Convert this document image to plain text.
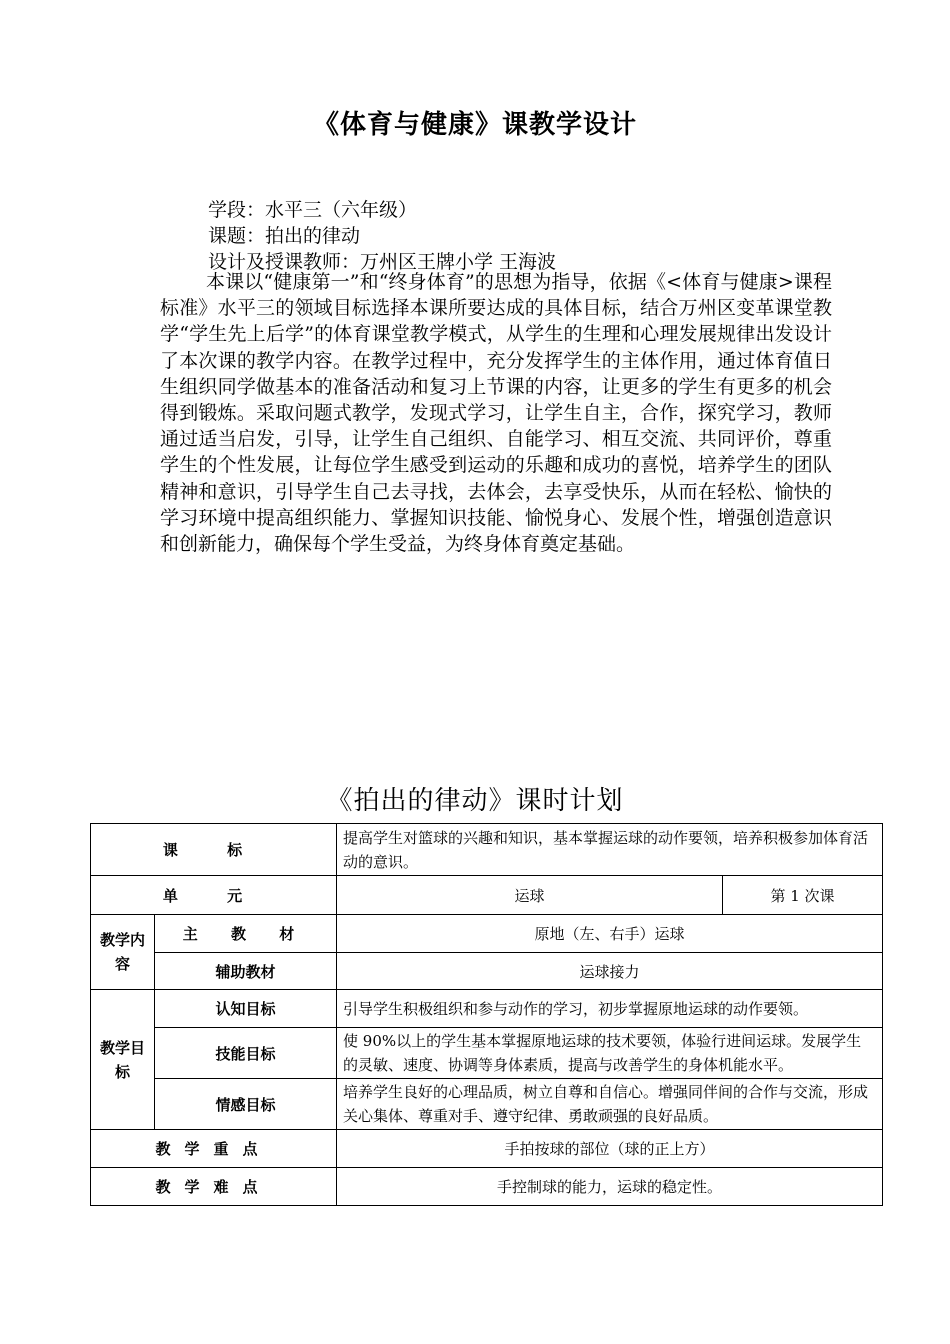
《体育与健康》课教学设计
学段：水平三（六年级）
课题：拍出的律动
设计及授课教师：万州区王牌小学 王海波

本课以“健康第一”和“终身体育”的思想为指导，依据《<体育与健康>课程标准》水平三的领域目标选择本课所要达成的具体目标，结合万州区变革课堂教学“学生先上后学”的体育课堂教学模式，从学生的生理和心理发展规律出发设计了本次课的教学内容。在教学过程中，充分发挥学生的主体作用，通过体育值日生组织同学做基本的准备活动和复习上节课的内容，让更多的学生有更多的机会得到锻炼。采取问题式教学，发现式学习，让学生自主，合作，探究学习，教师通过适当启发，引导，让学生自己组织、自能学习、相互交流、共同评价，尊重学生的个性发展，让每位学生感受到运动的乐趣和成功的喜悦，培养学生的团队精神和意识，引导学生自己去寻找，去体会，去享受快乐，从而在轻松、愉快的学习环境中提高组织能力、掌握知识技能、愉悦身心、发展个性，增强创造意识和创新能力，确保每个学生受益，为终身体育奠定基础。

《拍出的律动》课时计划
课 标		提高学生对篮球的兴趣和知识，基本掌握运球的动作要领，培养积极参加体育活动的意识。	
单 元		运球	第 1 次课
教学内容	主 教 材	原地（左、右手）运球	
	辅助教材	运球接力	
教学目标	认知目标	引导学生积极组织和参与动作的学习，初步掌握原地运球的动作要领。	
	技能目标	使 90%以上的学生基本掌握原地运球的技术要领，体验行进间运球。发展学生的灵敏、速度、协调等身体素质，提高与改善学生的身体机能水平。	
	情感目标	培养学生良好的心理品质，树立自尊和自信心。增强同伴间的合作与交流，形成关心集体、尊重对手、遵守纪律、勇敢顽强的良好品质。	
教学重点		手拍按球的部位（球的正上方）	
教学难点		手控制球的能力，运球的稳定性。	
